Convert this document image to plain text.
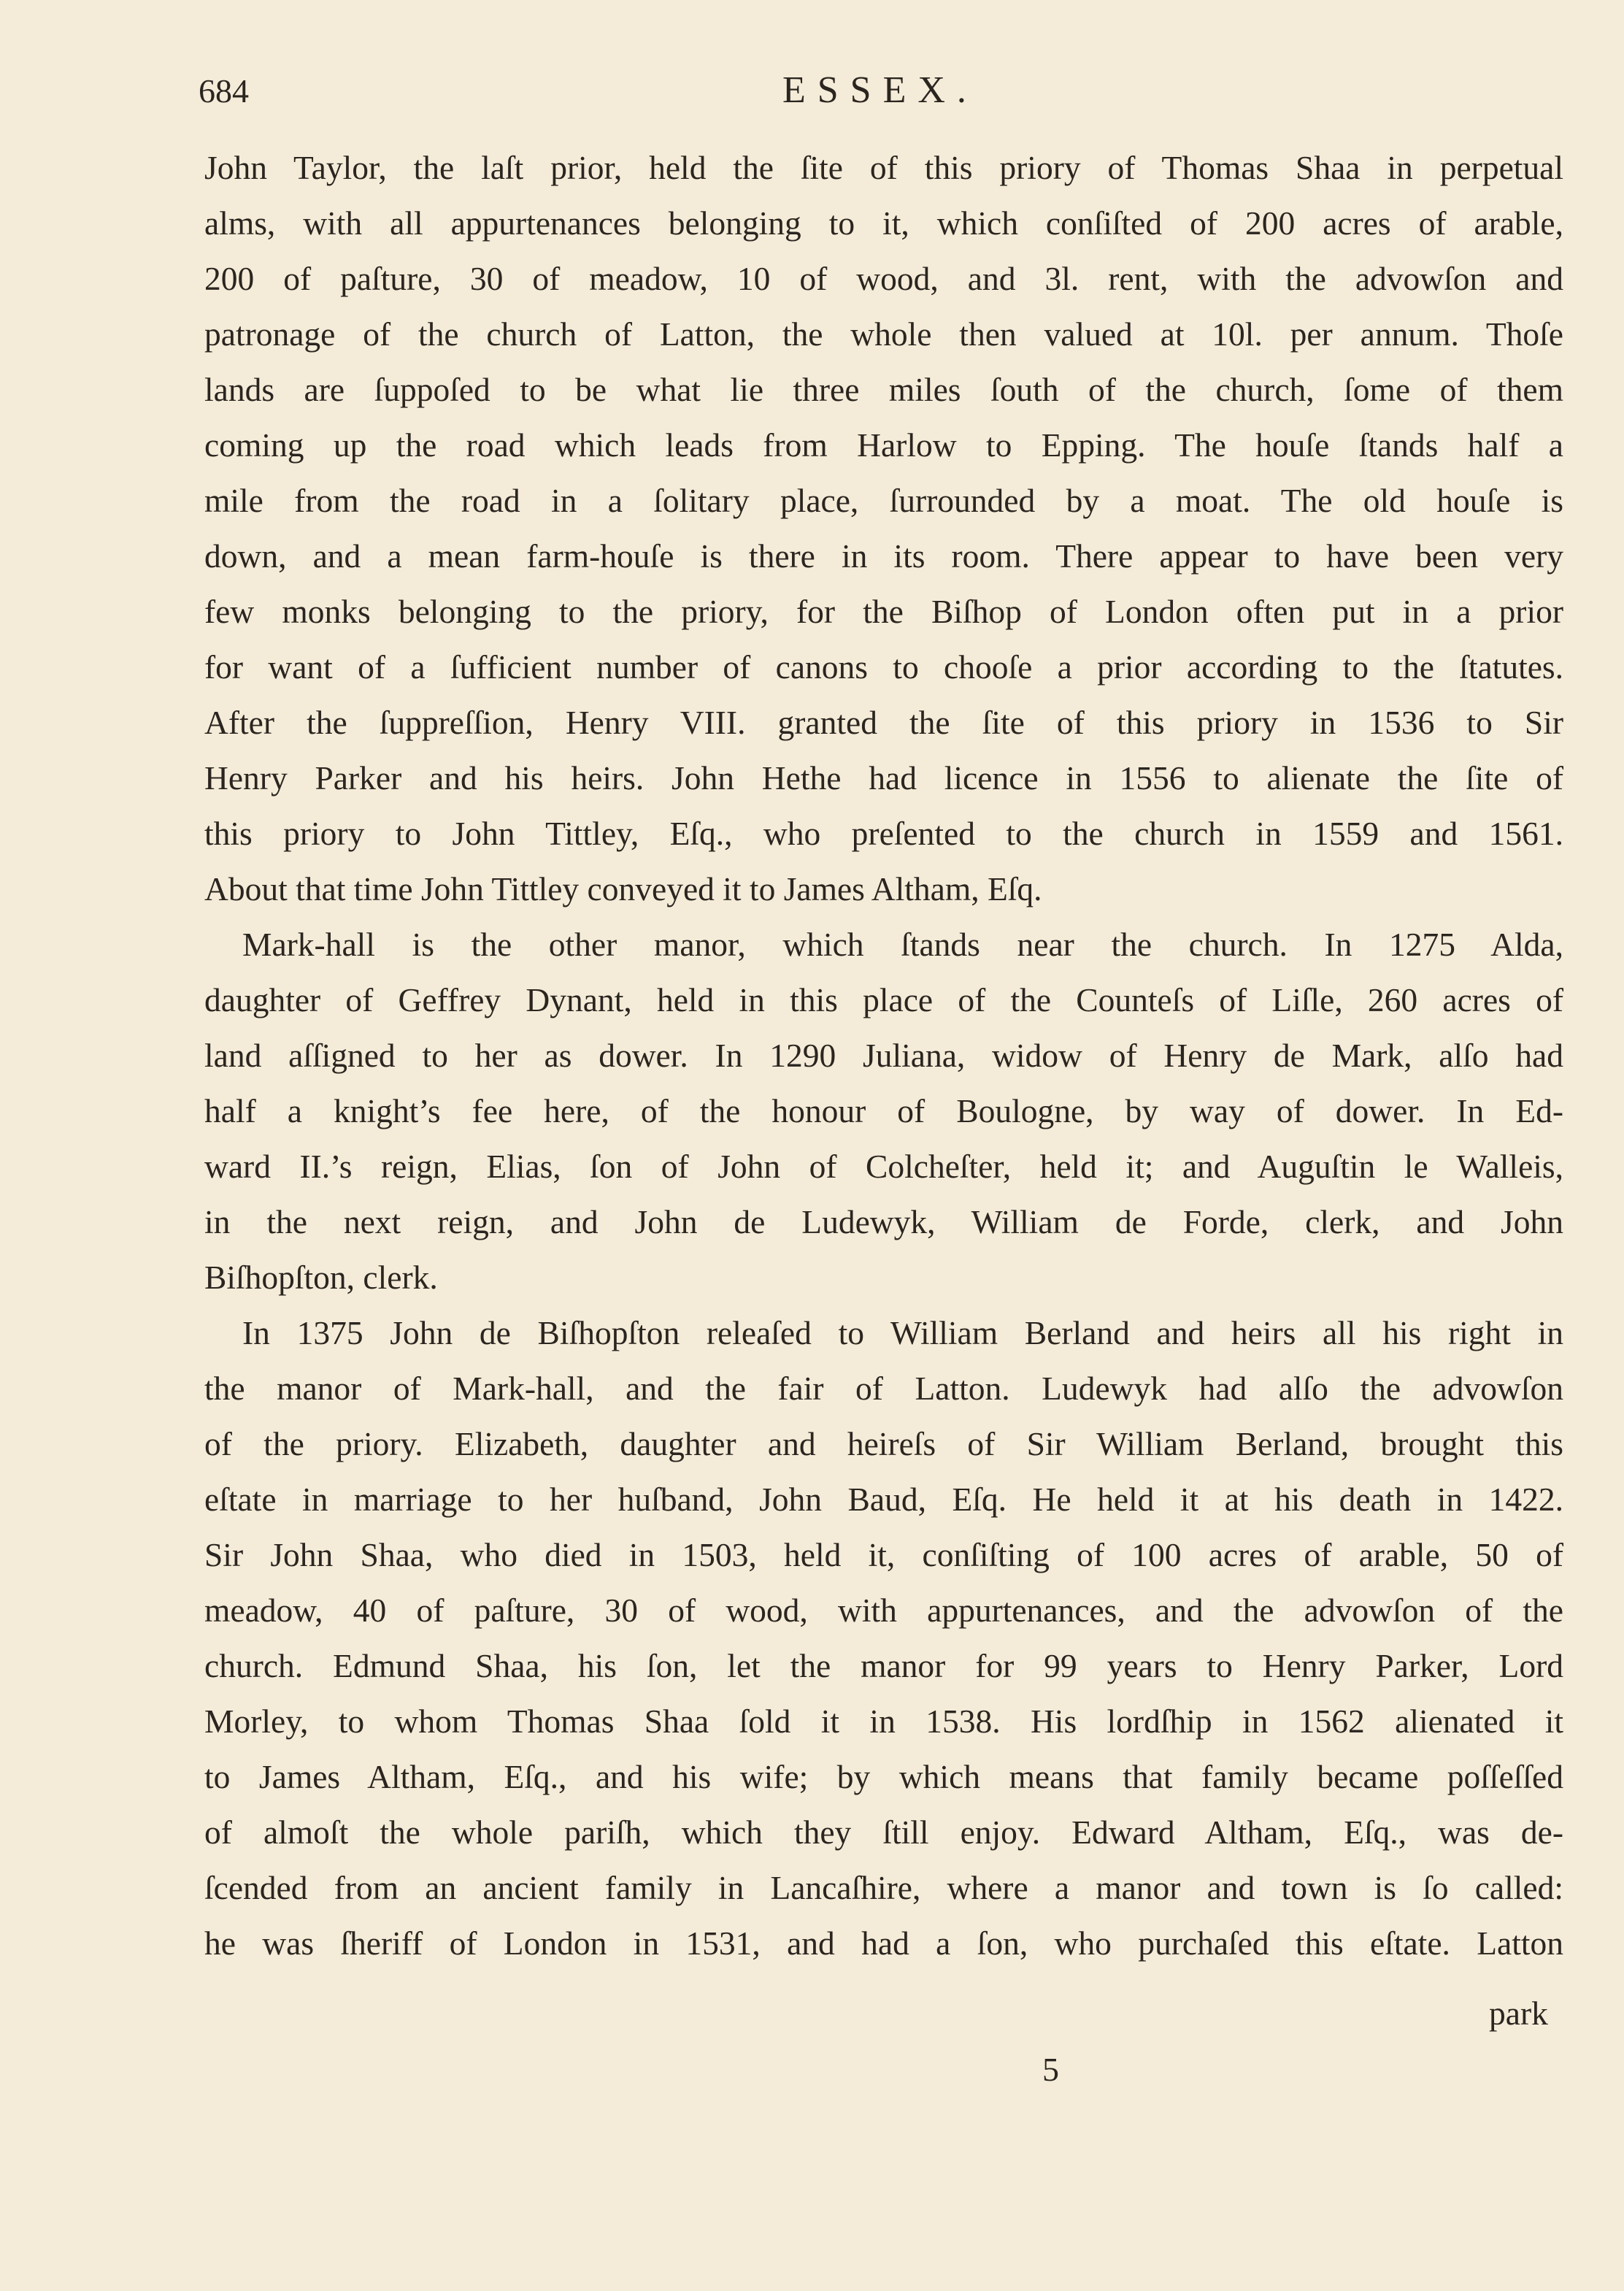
684	ESSEX.
John Taylor, the laſt prior, held the ſite of this priory of Thomas Shaa in perpetual
alms, with all appurtenances belonging to it, which conſiſted of 200 acres of arable,
200 of paſture, 30 of meadow, 10 of wood, and 3l. rent, with the advowſon and
patronage of the church of Latton, the whole then valued at 10l. per annum. Thoſe
lands are ſuppoſed to be what lie three miles ſouth of the church, ſome of them
coming up the road which leads from Harlow to Epping. The houſe ſtands half a
mile from the road in a ſolitary place, ſurrounded by a moat. The old houſe is
down, and a mean farm-houſe is there in its room. There appear to have been very
few monks belonging to the priory, for the Biſhop of London often put in a prior
for want of a ſufficient number of canons to chooſe a prior according to the ſtatutes.
After the ſuppreſſion, Henry VIII. granted the ſite of this priory in 1536 to Sir
Henry Parker and his heirs. John Hethe had licence in 1556 to alienate the ſite of
this priory to John Tittley, Eſq., who preſented to the church in 1559 and 1561.
About that time John Tittley conveyed it to James Altham, Eſq.
Mark-hall is the other manor, which ſtands near the church. In 1275 Alda,
daughter of Geffrey Dynant, held in this place of the Counteſs of Liſle, 260 acres of
land aſſigned to her as dower. In 1290 Juliana, widow of Henry de Mark, alſo had
half a knight’s fee here, of the honour of Boulogne, by way of dower. In Ed-
ward II.’s reign, Elias, ſon of John of Colcheſter, held it; and Auguſtin le Walleis,
in the next reign, and John de Ludewyk, William de Forde, clerk, and John
Biſhopſton, clerk.
In 1375 John de Biſhopſton releaſed to William Berland and heirs all his right in
the manor of Mark-hall, and the fair of Latton. Ludewyk had alſo the advowſon
of the priory. Elizabeth, daughter and heireſs of Sir William Berland, brought this
eſtate in marriage to her huſband, John Baud, Eſq. He held it at his death in 1422.
Sir John Shaa, who died in 1503, held it, conſiſting of 100 acres of arable, 50 of
meadow, 40 of paſture, 30 of wood, with appurtenances, and the advowſon of the
church. Edmund Shaa, his ſon, let the manor for 99 years to Henry Parker, Lord
Morley, to whom Thomas Shaa ſold it in 1538. His lordſhip in 1562 alienated it
to James Altham, Eſq., and his wife; by which means that family became poſſeſſed
of almoſt the whole pariſh, which they ſtill enjoy. Edward Altham, Eſq., was de-
ſcended from an ancient family in Lancaſhire, where a manor and town is ſo called:
he was ſheriff of London in 1531, and had a ſon, who purchaſed this eſtate. Latton
park
5
